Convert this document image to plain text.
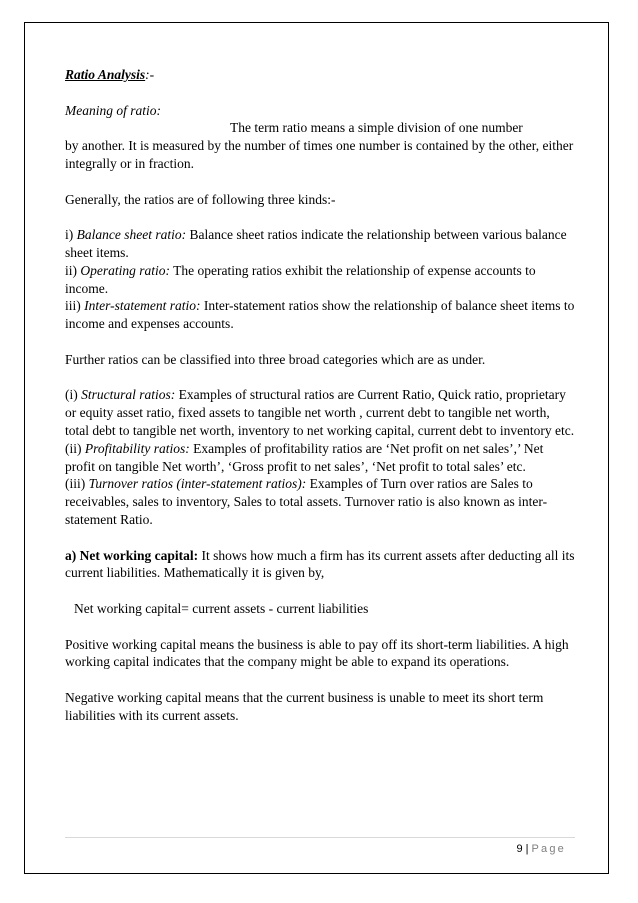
Ratio Analysis:-

Meaning of ratio:

The term ratio means a simple division of one number
by another. It is measured by the number of times one number is contained by the other, either integrally or in fraction.

Generally, the ratios are of following three kinds:-

i) Balance sheet ratio: Balance sheet ratios indicate the relationship between various balance sheet items.

ii) Operating ratio: The operating ratios exhibit the relationship of expense accounts to income.

iii) Inter-statement ratio: Inter-statement ratios show the relationship of balance sheet items to income and expenses accounts.

Further ratios can be classified into three broad categories which are as under.

(i) Structural ratios: Examples of structural ratios are Current Ratio, Quick ratio, proprietary or equity asset ratio, fixed assets to tangible net worth , current debt to tangible net worth, total debt to tangible net worth, inventory to net working capital, current debt to inventory etc.

(ii) Profitability ratios: Examples of profitability ratios are ‘Net profit on net sales’,’ Net profit on tangible Net worth’, ‘Gross profit to net sales’, ‘Net profit to total sales’ etc.

(iii) Turnover ratios (inter-statement ratios): Examples of Turn over ratios are Sales to receivables, sales to inventory, Sales to total assets. Turnover ratio is also known as inter-statement Ratio.

a) Net working capital: It shows how much a firm has its current assets after deducting all its current liabilities. Mathematically it is given by,

Net working capital= current assets - current liabilities

Positive working capital means the business is able to pay off its short-term liabilities. A high working capital indicates that the company might be able to expand its operations.

Negative working capital means that the current business is unable to meet its short term liabilities with its current assets.

9 | Page
